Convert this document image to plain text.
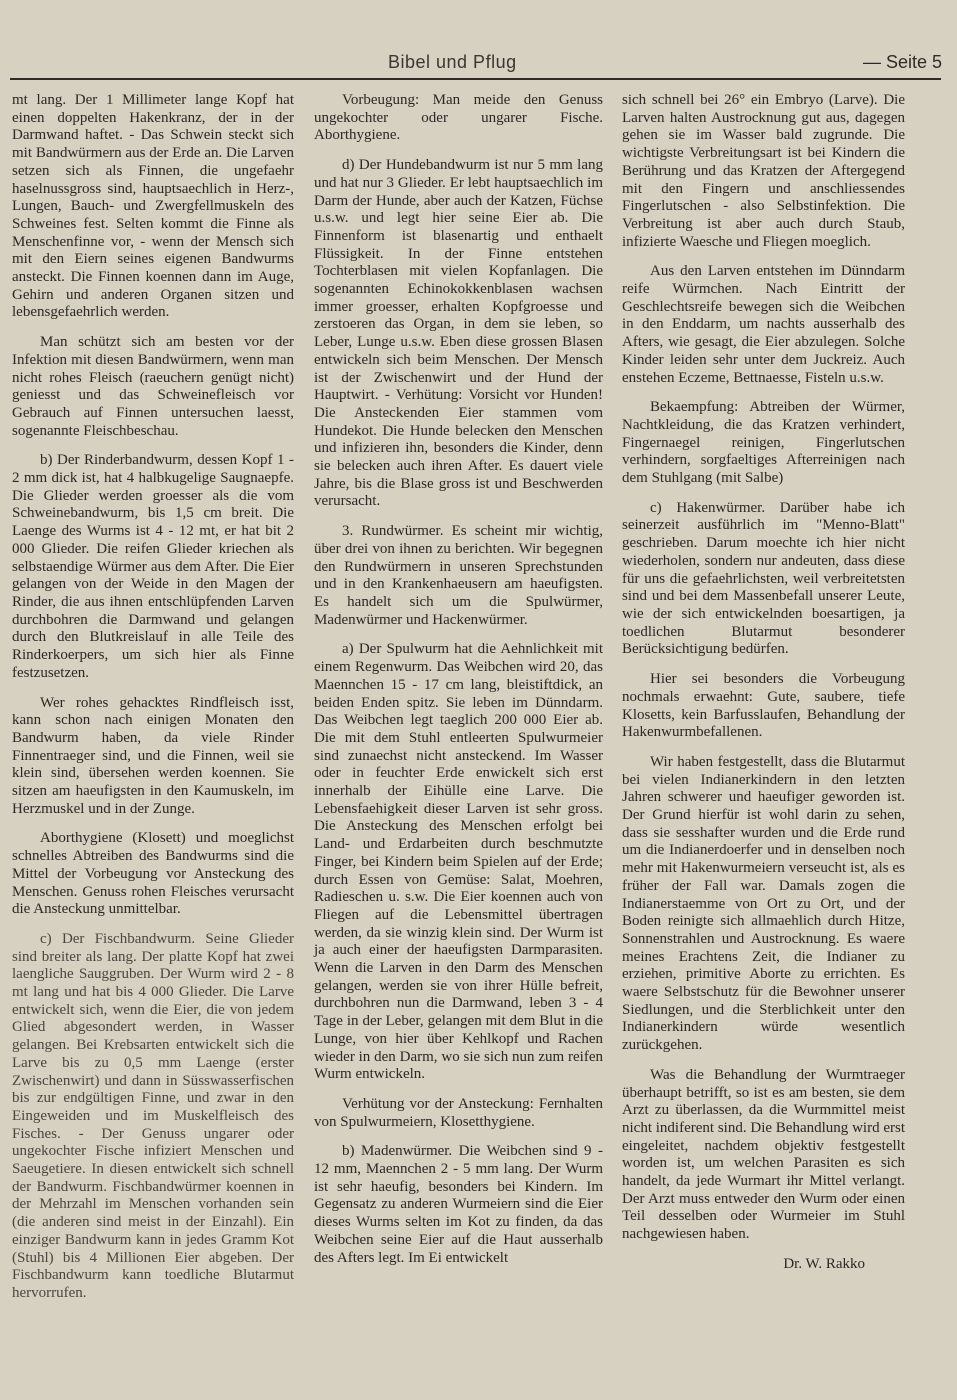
Bibel und Pflug	— Seite 5

mt lang. Der 1 Millimeter lange Kopf hat einen doppelten Hakenkranz, der in der Darmwand haftet. - Das Schwein steckt sich mit Bandwürmern aus der Erde an. Die Larven setzen sich als Finnen, die ungefaehr haselnussgross sind, hauptsaechlich in Herz-, Lungen, Bauch- und Zwergfellmuskeln des Schweines fest. Selten kommt die Finne als Menschenfinne vor, - wenn der Mensch sich mit den Eiern seines eigenen Bandwurms ansteckt. Die Finnen koennen dann im Auge, Gehirn und anderen Organen sitzen und lebensgefaehrlich werden.

Man schützt sich am besten vor der Infektion mit diesen Bandwürmern, wenn man nicht rohes Fleisch (raeuchern genügt nicht) geniesst und das Schweinefleisch vor Gebrauch auf Finnen untersuchen laesst, sogenannte Fleischbeschau.

b) Der Rinderbandwurm, dessen Kopf 1 - 2 mm dick ist, hat 4 halbkugelige Saugnaepfe. Die Glieder werden groesser als die vom Schweinebandwurm, bis 1,5 cm breit. Die Laenge des Wurms ist 4 - 12 mt, er hat bit 2 000 Glieder. Die reifen Glieder kriechen als selbstaendige Würmer aus dem After. Die Eier gelangen von der Weide in den Magen der Rinder, die aus ihnen entschlüpfenden Larven durchbohren die Darmwand und gelangen durch den Blutkreislauf in alle Teile des Rinderkoerpers, um sich hier als Finne festzusetzen.

Wer rohes gehacktes Rindfleisch isst, kann schon nach einigen Monaten den Bandwurm haben, da viele Rinder Finnentraeger sind, und die Finnen, weil sie klein sind, übersehen werden koennen. Sie sitzen am haeufigsten in den Kaumuskeln, im Herzmuskel und in der Zunge.

Aborthygiene (Klosett) und moeglichst schnelles Abtreiben des Bandwurms sind die Mittel der Vorbeugung vor Ansteckung des Menschen. Genuss rohen Fleisches verursacht die Ansteckung unmittelbar.

c) Der Fischbandwurm. Seine Glieder sind breiter als lang. Der platte Kopf hat zwei laengliche Sauggruben. Der Wurm wird 2 - 8 mt lang und hat bis 4 000 Glieder. Die Larve entwickelt sich, wenn die Eier, die von jedem Glied abgesondert werden, in Wasser gelangen. Bei Krebsarten entwickelt sich die Larve bis zu 0,5 mm Laenge (erster Zwischenwirt) und dann in Süsswasserfischen bis zur endgültigen Finne, und zwar in den Eingeweiden und im Muskelfleisch des Fisches. - Der Genuss ungarer oder ungekochter Fische infiziert Menschen und Saeugetiere. In diesen entwickelt sich schnell der Bandwurm. Fischbandwürmer koennen in der Mehrzahl im Menschen vorhanden sein (die anderen sind meist in der Einzahl). Ein einziger Bandwurm kann in jedes Gramm Kot (Stuhl) bis 4 Millionen Eier abgeben. Der Fischbandwurm kann toedliche Blutarmut hervorrufen.

Vorbeugung: Man meide den Genuss ungekochter oder ungarer Fische. Aborthygiene.

d) Der Hundebandwurm ist nur 5 mm lang und hat nur 3 Glieder. Er lebt hauptsaechlich im Darm der Hunde, aber auch der Katzen, Füchse u.s.w. und legt hier seine Eier ab. Die Finnenform ist blasenartig und enthaelt Flüssigkeit. In der Finne entstehen Tochterblasen mit vielen Kopfanlagen. Die sogenannten Echinokokkenblasen wachsen immer groesser, erhalten Kopfgroesse und zerstoeren das Organ, in dem sie leben, so Leber, Lunge u.s.w. Eben diese grossen Blasen entwickeln sich beim Menschen. Der Mensch ist der Zwischenwirt und der Hund der Hauptwirt. - Verhütung: Vorsicht vor Hunden! Die Ansteckenden Eier stammen vom Hundekot. Die Hunde belecken den Menschen und infizieren ihn, besonders die Kinder, denn sie belecken auch ihren After. Es dauert viele Jahre, bis die Blase gross ist und Beschwerden verursacht.

3. Rundwürmer. Es scheint mir wichtig, über drei von ihnen zu berichten. Wir begegnen den Rundwürmern in unseren Sprechstunden und in den Krankenhaeusern am haeufigsten. Es handelt sich um die Spulwürmer, Madenwürmer und Hackenwürmer.

a) Der Spulwurm hat die Aehnlichkeit mit einem Regenwurm. Das Weibchen wird 20, das Maennchen 15 - 17 cm lang, bleistiftdick, an beiden Enden spitz. Sie leben im Dünndarm. Das Weibchen legt taeglich 200 000 Eier ab. Die mit dem Stuhl entleerten Spulwurmeier sind zunaechst nicht ansteckend. Im Wasser oder in feuchter Erde enwickelt sich erst innerhalb der Eihülle eine Larve. Die Lebensfaehigkeit dieser Larven ist sehr gross. Die Ansteckung des Menschen erfolgt bei Land- und Erdarbeiten durch beschmutzte Finger, bei Kindern beim Spielen auf der Erde; durch Essen von Gemüse: Salat, Moehren, Radieschen u. s.w. Die Eier koennen auch von Fliegen auf die Lebensmittel übertragen werden, da sie winzig klein sind. Der Wurm ist ja auch einer der haeufigsten Darmparasiten. Wenn die Larven in den Darm des Menschen gelangen, werden sie von ihrer Hülle befreit, durchbohren nun die Darmwand, leben 3 - 4 Tage in der Leber, gelangen mit dem Blut in die Lunge, von hier über Kehlkopf und Rachen wieder in den Darm, wo sie sich nun zum reifen Wurm entwickeln.

Verhütung vor der Ansteckung: Fernhalten von Spulwurmeiern, Klosetthygiene.

b) Madenwürmer. Die Weibchen sind 9 - 12 mm, Maennchen 2 - 5 mm lang. Der Wurm ist sehr haeufig, besonders bei Kindern. Im Gegensatz zu anderen Wurmeiern sind die Eier dieses Wurms selten im Kot zu finden, da das Weibchen seine Eier auf die Haut ausserhalb des Afters legt. Im Ei entwickelt

sich schnell bei 26° ein Embryo (Larve). Die Larven halten Austrocknung gut aus, dagegen gehen sie im Wasser bald zugrunde. Die wichtigste Verbreitungsart ist bei Kindern die Berührung und das Kratzen der Aftergegend mit den Fingern und anschliessendes Fingerlutschen - also Selbstinfektion. Die Verbreitung ist aber auch durch Staub, infizierte Waesche und Fliegen moeglich.

Aus den Larven entstehen im Dünndarm reife Würmchen. Nach Eintritt der Geschlechtsreife bewegen sich die Weibchen in den Enddarm, um nachts ausserhalb des Afters, wie gesagt, die Eier abzulegen. Solche Kinder leiden sehr unter dem Juckreiz. Auch enstehen Eczeme, Bettnaesse, Fisteln u.s.w.

Bekaempfung: Abtreiben der Würmer, Nachtkleidung, die das Kratzen verhindert, Fingernaegel reinigen, Fingerlutschen verhindern, sorgfaeltiges Afterreinigen nach dem Stuhlgang (mit Salbe)

c) Hakenwürmer. Darüber habe ich seinerzeit ausführlich im "Menno-Blatt" geschrieben. Darum moechte ich hier nicht wiederholen, sondern nur andeuten, dass diese für uns die gefaehrlichsten, weil verbreitetsten sind und bei dem Massenbefall unserer Leute, wie der sich entwickelnden boesartigen, ja toedlichen Blutarmut besonderer Berücksichtigung bedürfen.

Hier sei besonders die Vorbeugung nochmals erwaehnt: Gute, saubere, tiefe Klosetts, kein Barfusslaufen, Behandlung der Hakenwurmbefallenen.

Wir haben festgestellt, dass die Blutarmut bei vielen Indianerkindern in den letzten Jahren schwerer und haeufiger geworden ist. Der Grund hierfür ist wohl darin zu sehen, dass sie sesshafter wurden und die Erde rund um die Indianerdoerfer und in denselben noch mehr mit Hakenwurmeiern verseucht ist, als es früher der Fall war. Damals zogen die Indianerstaemme von Ort zu Ort, und der Boden reinigte sich allmaehlich durch Hitze, Sonnenstrahlen und Austrocknung. Es waere meines Erachtens Zeit, die Indianer zu erziehen, primitive Aborte zu errichten. Es waere Selbstschutz für die Bewohner unserer Siedlungen, und die Sterblichkeit unter den Indianerkindern würde wesentlich zurückgehen.

Was die Behandlung der Wurmtraeger überhaupt betrifft, so ist es am besten, sie dem Arzt zu überlassen, da die Wurmmittel meist nicht indiferent sind. Die Behandlung wird erst eingeleitet, nachdem objektiv festgestellt worden ist, um welchen Parasiten es sich handelt, da jede Wurmart ihr Mittel verlangt. Der Arzt muss entweder den Wurm oder einen Teil desselben oder Wurmeier im Stuhl nachgewiesen haben.

Dr. W. Rakko
